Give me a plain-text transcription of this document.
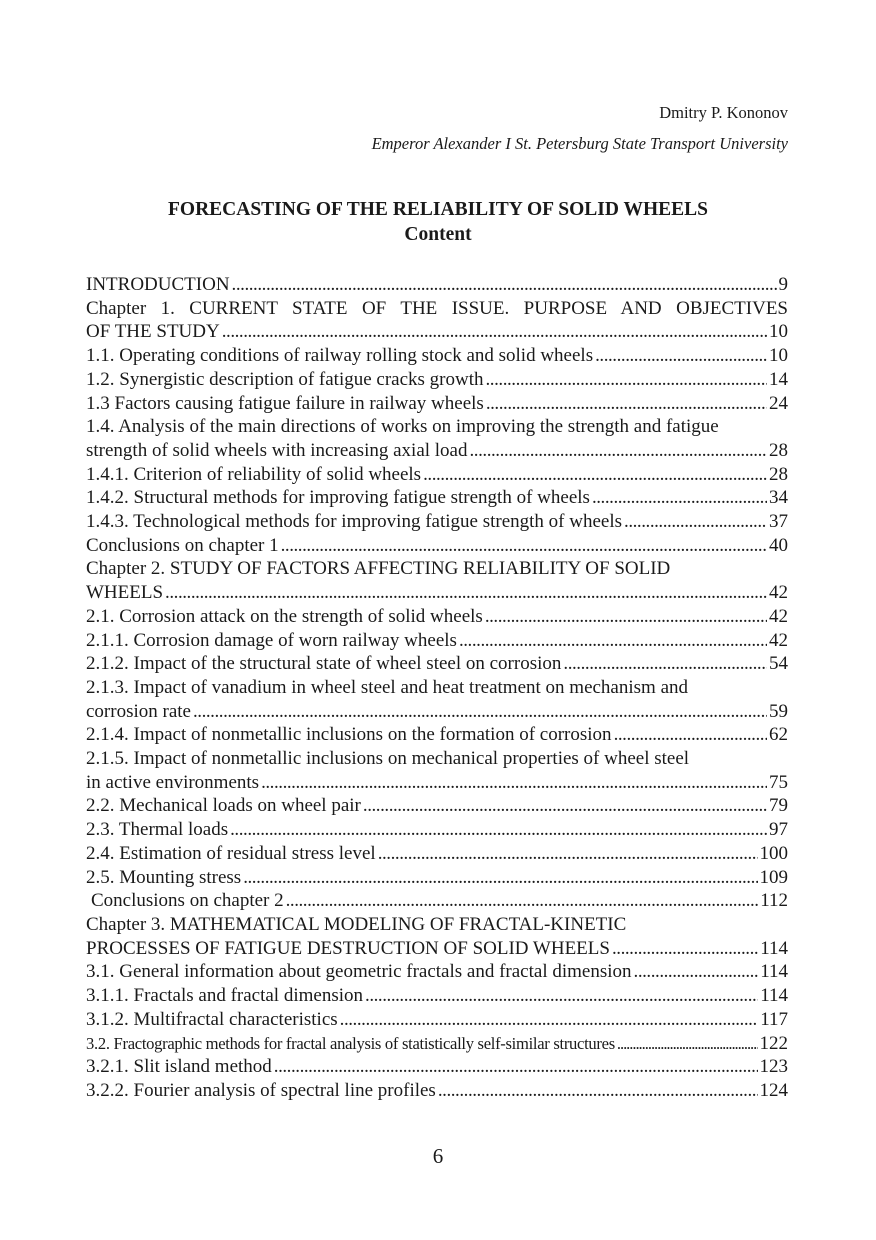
Dmitry P. Kononov
Emperor Alexander I St. Petersburg State Transport University
FORECASTING OF THE RELIABILITY OF SOLID WHEELS
Content
INTRODUCTION . . .	9
Chapter 1. CURRENT STATE OF THE ISSUE. PURPOSE AND OBJECTIVES
OF THE STUDY . . .	10
1.1. Operating conditions of railway rolling stock and solid wheels . . .	10
1.2. Synergistic description of fatigue cracks growth . . .	14
1.3 Factors causing fatigue failure in railway wheels . . .	24
1.4. Analysis of the main directions of works on improving the strength and fatigue
strength of solid wheels with increasing axial load . . .	28
1.4.1. Criterion of reliability of solid wheels . . .	28
1.4.2. Structural methods for improving fatigue strength of wheels . . .	34
1.4.3. Technological methods for improving fatigue strength of wheels . . .	37
Conclusions on chapter 1 . . .	40
Chapter 2. STUDY OF FACTORS AFFECTING RELIABILITY OF SOLID
WHEELS . . .	42
2.1. Corrosion attack on the strength of solid wheels . . .	42
2.1.1. Corrosion damage of worn railway wheels . . .	42
2.1.2. Impact of the structural state of wheel steel on corrosion . . .	54
2.1.3. Impact of vanadium in wheel steel and heat treatment on mechanism and
corrosion rate . . .	59
2.1.4. Impact of nonmetallic inclusions on the formation of corrosion . . .	62
2.1.5. Impact of nonmetallic inclusions on mechanical properties of wheel steel
in active environments . . .	75
2.2. Mechanical loads on wheel pair . . .	79
2.3. Thermal loads . . .	97
2.4. Estimation of residual stress level . . .	100
2.5. Mounting stress . . .	109
Conclusions on chapter 2 . . .	112
Chapter 3. MATHEMATICAL MODELING OF FRACTAL-KINETIC
PROCESSES OF FATIGUE DESTRUCTION OF SOLID WHEELS . . .	114
3.1. General information about geometric fractals and fractal dimension . . .	114
3.1.1. Fractals and fractal dimension . . .	114
3.1.2. Multifractal characteristics . . .	117
3.2. Fractographic methods for fractal analysis of statistically self-similar structures . . .	122
3.2.1. Slit island method . . .	123
3.2.2. Fourier analysis of spectral line profiles . . .	124
6
